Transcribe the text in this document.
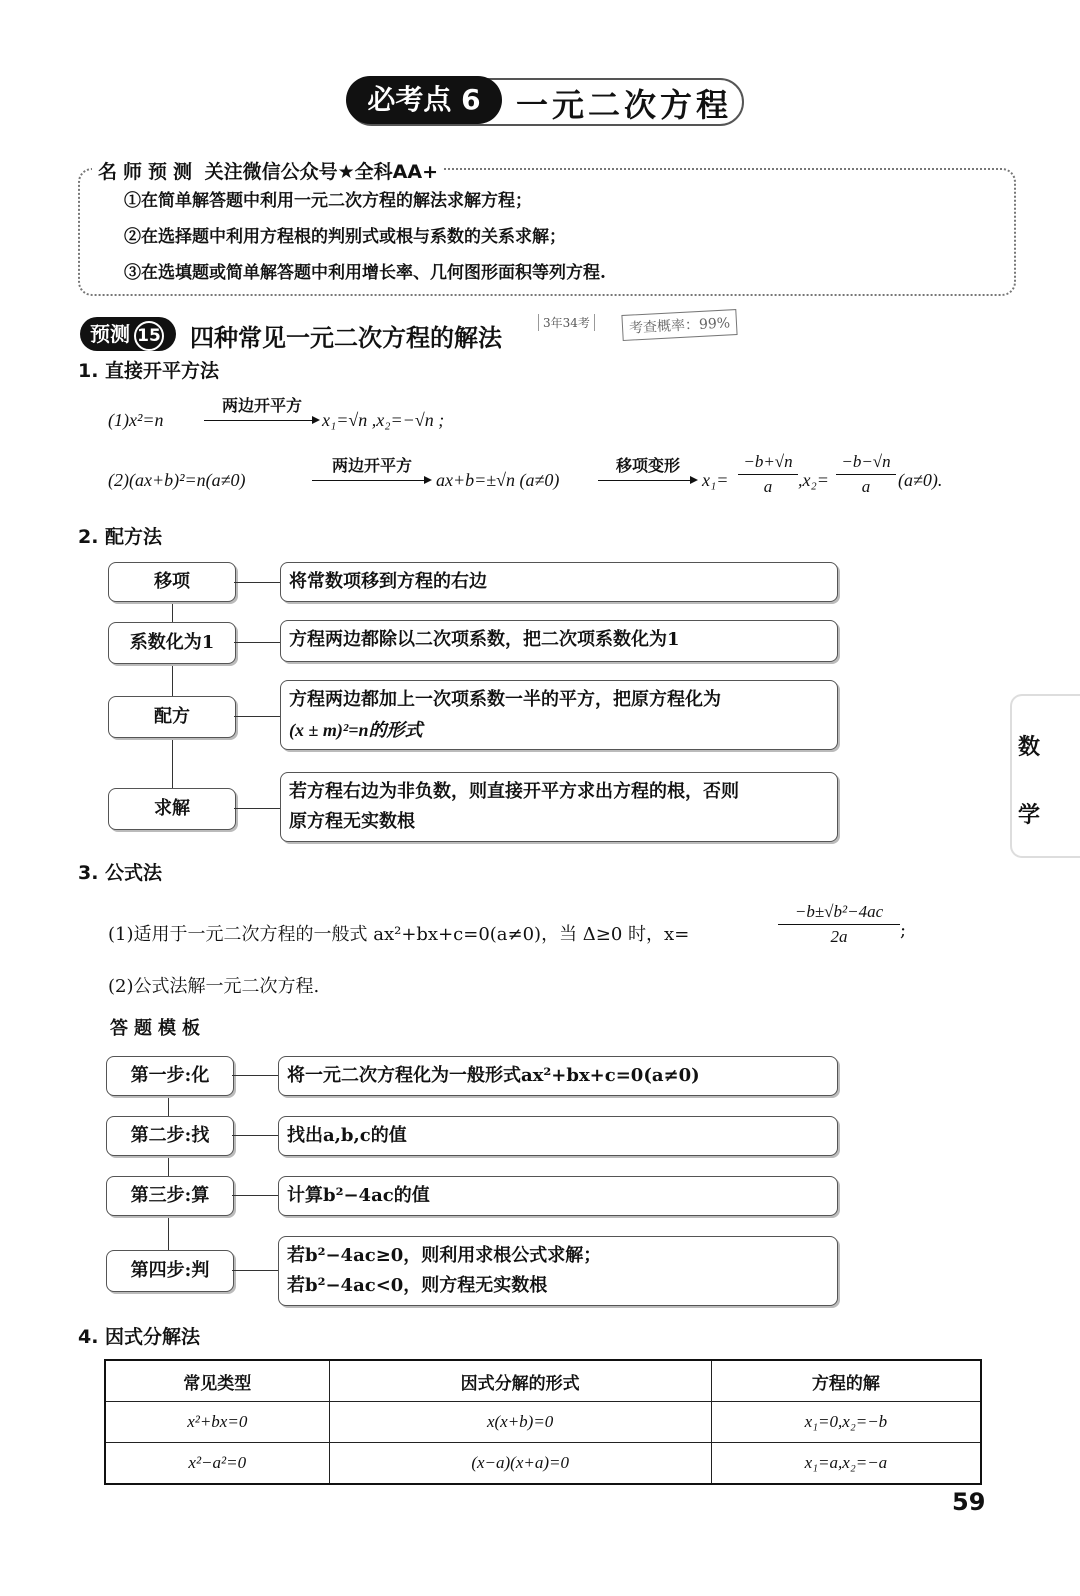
必考点 6	一元二次方程
名师预测 关注微信公众号★全科AA+
①在简单解答题中利用一元二次方程的解法求解方程；
②在选择题中利用方程根的判别式或根与系数的关系求解；
③在选填题或简单解答题中利用增长率、几何图形面积等列方程.
预测 15	四种常见一元二次方程的解法
3年34考	考查概率：99%
1. 直接开平方法
(1)x²=n
两边开平方
x₁=√n ,x₂=−√n ;
(2)(ax+b)²=n(a≠0)
两边开平方
ax+b=±√n (a≠0)
移项变形
x₁=
−b+√n
a	,x₂=
−b−√n
a	(a≠0).
2. 配方法
移项
系数化为1
配方
求解
将常数项移到方程的右边
方程两边都除以二次项系数，把二次项系数化为1
方程两边都加上一次项系数一半的平方，把原方程化为
(x ± m)²=n的形式
若方程右边为非负数，则直接开平方求出方程的根，否则
原方程无实数根
3. 公式法
(1)适用于一元二次方程的一般式 ax²+bx+c=0(a≠0)，当 Δ≥0 时，x=
−b±√b²−4ac
2a	;
(2)公式法解一元二次方程.
答题模板
第一步:化
第二步:找
第三步:算
第四步:判
将一元二次方程化为一般形式ax²+bx+c=0(a≠0)
找出a,b,c的值
计算b²−4ac的值
若b²−4ac≥0，则利用求根公式求解；
若b²−4ac<0，则方程无实数根
4. 因式分解法
常见类型	因式分解的形式	方程的解
x²+bx=0	x(x+b)=0	x₁=0,x₂=−b
x²−a²=0	(x−a)(x+a)=0	x₁=a,x₂=−a
数
学
59
